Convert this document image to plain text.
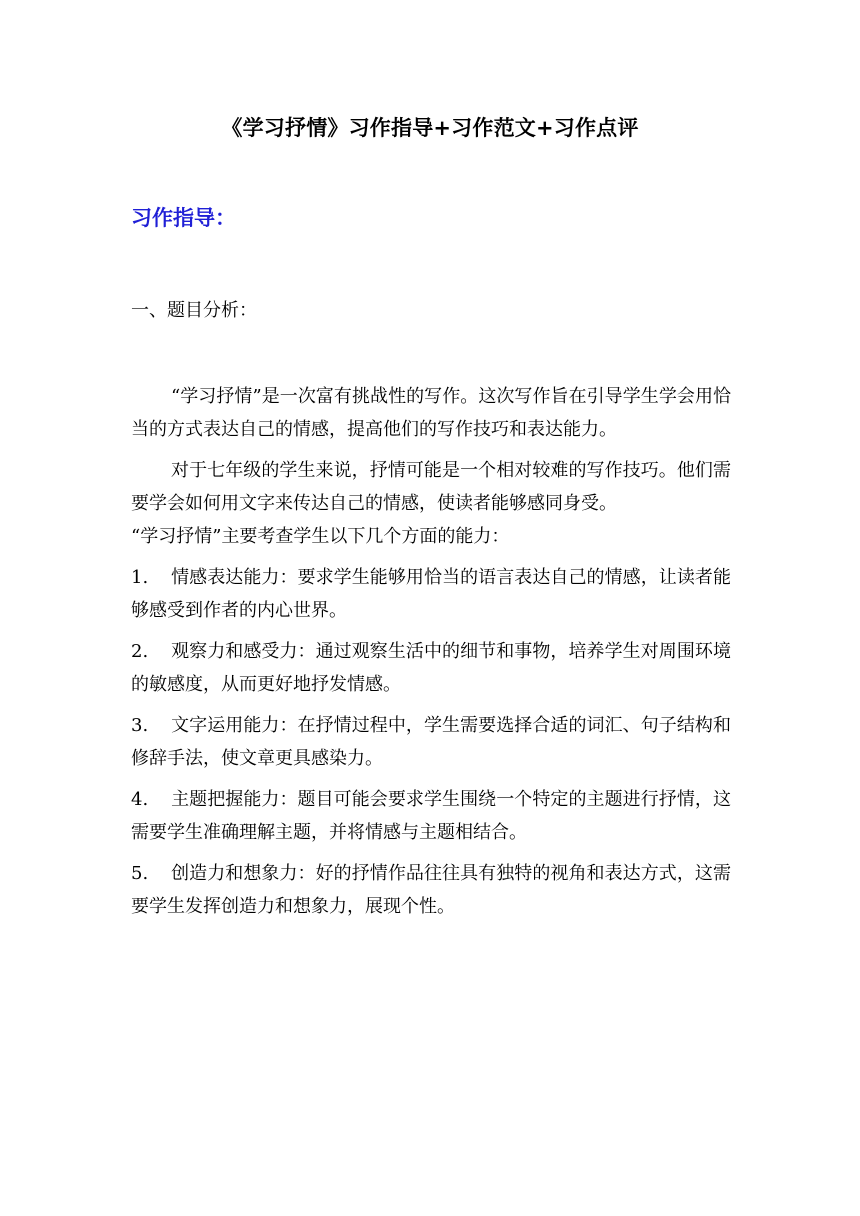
《学习抒情》习作指导+习作范文+习作点评
习作指导：
一、题目分析：

“学习抒情”是一次富有挑战性的写作。这次写作旨在引导学生学会用恰当的方式表达自己的情感，提高他们的写作技巧和表达能力。

对于七年级的学生来说，抒情可能是一个相对较难的写作技巧。他们需要学会如何用文字来传达自己的情感，使读者能够感同身受。

“学习抒情”主要考查学生以下几个方面的能力：

1. 情感表达能力：要求学生能够用恰当的语言表达自己的情感，让读者能够感受到作者的内心世界。

2. 观察力和感受力：通过观察生活中的细节和事物，培养学生对周围环境的敏感度，从而更好地抒发情感。

3. 文字运用能力：在抒情过程中，学生需要选择合适的词汇、句子结构和修辞手法，使文章更具感染力。

4. 主题把握能力：题目可能会要求学生围绕一个特定的主题进行抒情，这需要学生准确理解主题，并将情感与主题相结合。

5. 创造力和想象力：好的抒情作品往往具有独特的视角和表达方式，这需要学生发挥创造力和想象力，展现个性。
